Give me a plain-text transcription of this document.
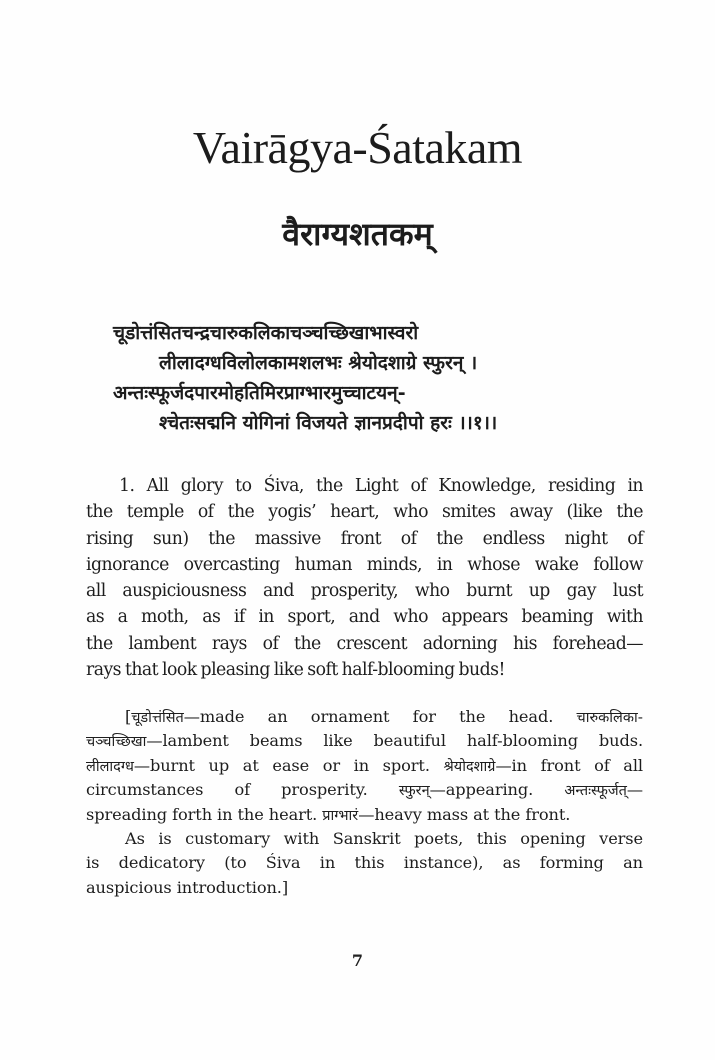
Vairāgya-Śatakam
वैराग्यशतकम्
चूडोत्तंसितचन्द्रचारुकलिकाचञ्चच्छिखाभास्वरो
लीलादग्धविलोलकामशलभः श्रेयोदशाग्रे स्फुरन् ।
अन्तःस्फूर्जदपारमोहतिमिरप्राग्भारमुच्चाटयन्-
श्चेतःसद्मनि योगिनां विजयते ज्ञानप्रदीपो हरः ।।१।।
1. All glory to Śiva, the Light of Knowledge, residing in
the temple of the yogis’ heart, who smites away (like the
rising sun) the massive front of the endless night of
ignorance overcasting human minds, in whose wake follow
all auspiciousness and prosperity, who burnt up gay lust
as a moth, as if in sport, and who appears beaming with
the lambent rays of the crescent adorning his forehead—
rays that look pleasing like soft half-blooming buds!
[चूडोत्तंसित—made an ornament for the head. चारुकलिका-
चञ्चच्छिखा—lambent beams like beautiful half-blooming buds.
लीलादग्ध—burnt up at ease or in sport. श्रेयोदशाग्रे—in front of all
circumstances of prosperity. स्फुरन्—appearing. अन्तःस्फूर्जत्—
spreading forth in the heart. प्राग्भारं—heavy mass at the front.
As is customary with Sanskrit poets, this opening verse
is dedicatory (to Śiva in this instance), as forming an
auspicious introduction.]
7
